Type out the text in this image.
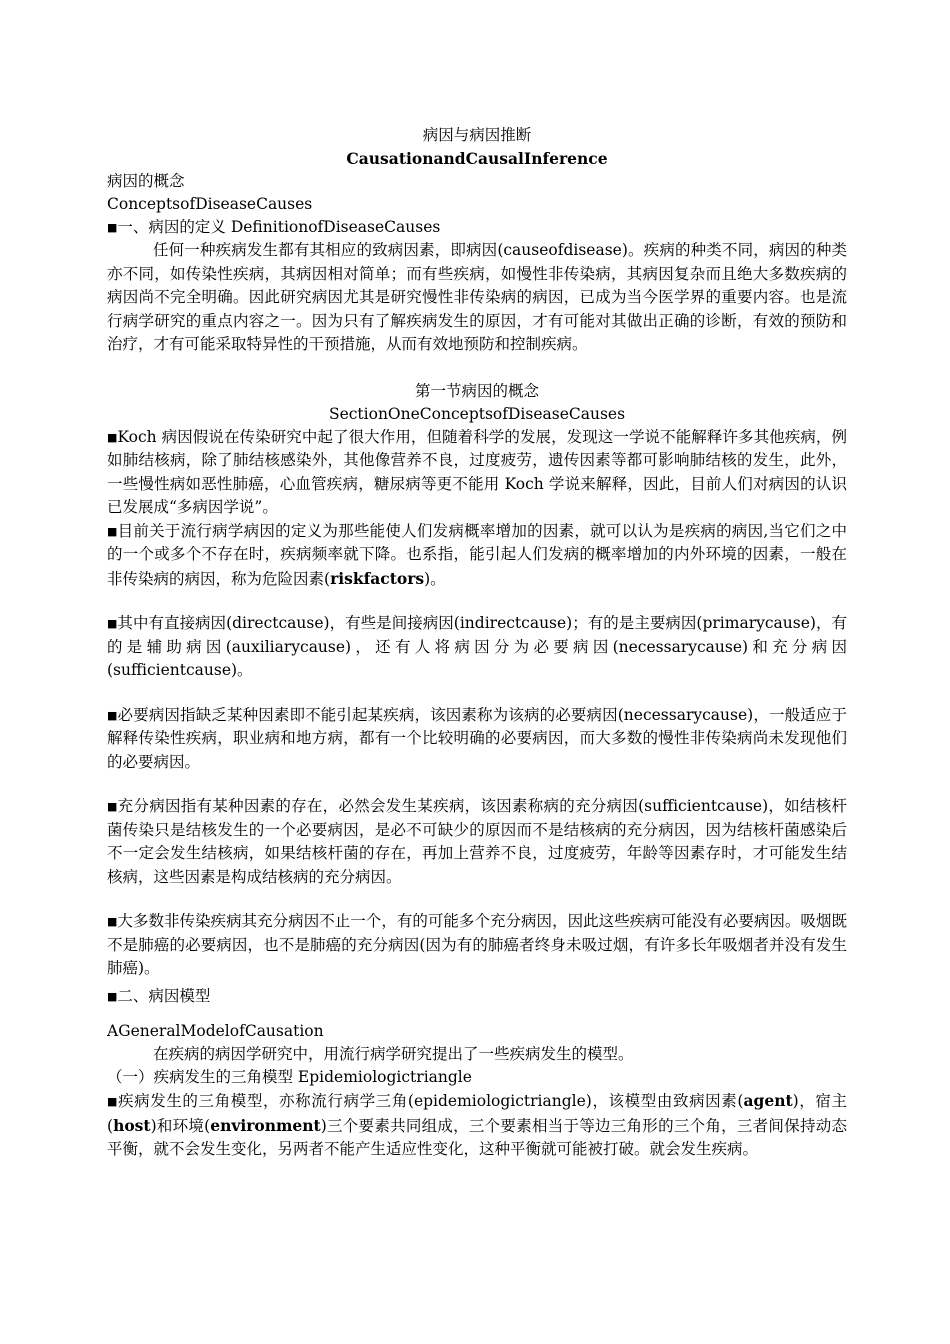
病因与病因推断
CausationandCausalInference
病因的概念
ConceptsofDiseaseCauses
■一、病因的定义 DefinitionofDiseaseCauses

任何一种疾病发生都有其相应的致病因素，即病因(causeofdisease)。疾病的种类不同，病因的种类亦不同，如传染性疾病，其病因相对简单；而有些疾病，如慢性非传染病，其病因复杂而且绝大多数疾病的病因尚不完全明确。因此研究病因尤其是研究慢性非传染病的病因，已成为当今医学界的重要内容。也是流行病学研究的重点内容之一。因为只有了解疾病发生的原因，才有可能对其做出正确的诊断，有效的预防和治疗，才有可能采取特异性的干预措施，从而有效地预防和控制疾病。

第一节病因的概念
SectionOneConceptsofDiseaseCauses

■Koch 病因假说在传染研究中起了很大作用，但随着科学的发展，发现这一学说不能解释许多其他疾病，例如肺结核病，除了肺结核感染外，其他像营养不良，过度疲劳，遗传因素等都可影响肺结核的发生，此外，一些慢性病如恶性肺癌，心血管疾病，糖尿病等更不能用 Koch 学说来解释，因此，目前人们对病因的认识已发展成“多病因学说”。

■目前关于流行病学病因的定义为那些能使人们发病概率增加的因素，就可以认为是疾病的病因,当它们之中的一个或多个不存在时，疾病频率就下降。也系指，能引起人们发病的概率增加的内外环境的因素，一般在非传染病的病因，称为危险因素(riskfactors)。

■其中有直接病因(directcause)，有些是间接病因(indirectcause)；有的是主要病因(primarycause)，有的是辅助病因(auxiliarycause)，还有人将病因分为必要病因(necessarycause)和充分病因(sufficientcause)。

■必要病因指缺乏某种因素即不能引起某疾病，该因素称为该病的必要病因(necessarycause)，一般适应于解释传染性疾病，职业病和地方病，都有一个比较明确的必要病因，而大多数的慢性非传染病尚未发现他们的必要病因。

■充分病因指有某种因素的存在，必然会发生某疾病，该因素称病的充分病因(sufficientcause)，如结核杆菌传染只是结核发生的一个必要病因，是必不可缺少的原因而不是结核病的充分病因，因为结核杆菌感染后不一定会发生结核病，如果结核杆菌的存在，再加上营养不良，过度疲劳，年龄等因素存时，才可能发生结核病，这些因素是构成结核病的充分病因。

■大多数非传染疾病其充分病因不止一个，有的可能多个充分病因，因此这些疾病可能没有必要病因。吸烟既不是肺癌的必要病因，也不是肺癌的充分病因(因为有的肺癌者终身未吸过烟，有许多长年吸烟者并没有发生肺癌)。

■二、病因模型
AGeneralModelofCausation

在疾病的病因学研究中，用流行病学研究提出了一些疾病发生的模型。

（一）疾病发生的三角模型 Epidemiologictriangle

■疾病发生的三角模型，亦称流行病学三角(epidemiologictriangle)，该模型由致病因素(agent)，宿主(host)和环境(environment)三个要素共同组成，三个要素相当于等边三角形的三个角，三者间保持动态平衡，就不会发生变化，另两者不能产生适应性变化，这种平衡就可能被打破。就会发生疾病。
